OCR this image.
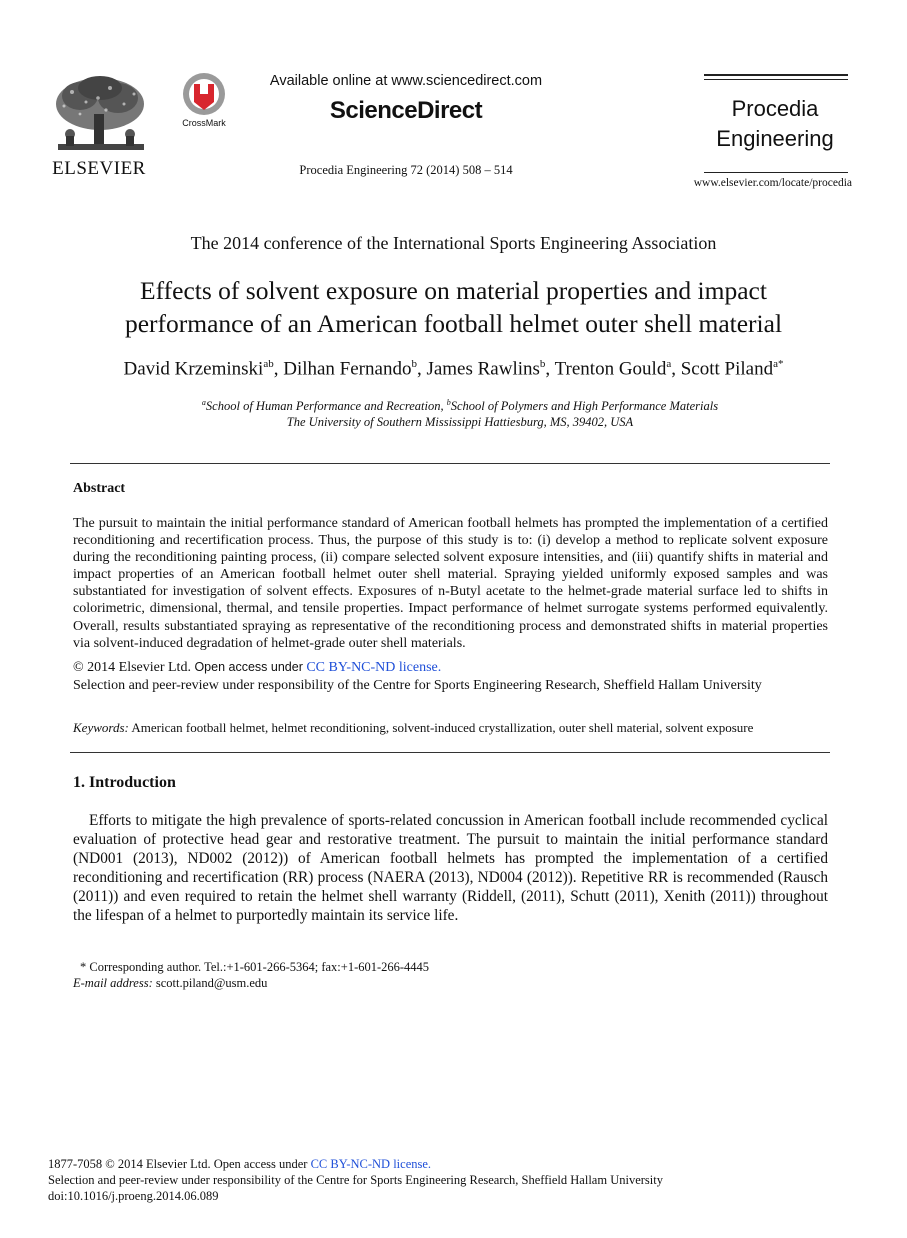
ELSEVIER
CrossMark
Available online at www.sciencedirect.com
ScienceDirect
Procedia Engineering 72 (2014) 508 – 514
Procedia
Engineering
www.elsevier.com/locate/procedia
The 2014 conference of the International Sports Engineering Association
Effects of solvent exposure on material properties and impact
performance of an American football helmet outer shell material
David Krzeminski$^{ab}$, Dilhan Fernando$^b$, James Rawlins$^b$, Trenton Gould$^a$, Scott Piland$^{a*}$
$^a$School of Human Performance and Recreation, $^b$School of Polymers and High Performance Materials
The University of Southern Mississippi Hattiesburg, MS, 39402, USA
Abstract
The pursuit to maintain the initial performance standard of American football helmets has prompted the implementation of a certified reconditioning and recertification process. Thus, the purpose of this study is to: (i) develop a method to replicate solvent exposure during the reconditioning painting process, (ii) compare selected solvent exposure intensities, and (iii) quantify shifts in material and impact properties of an American football helmet outer shell material. Spraying yielded uniformly exposed samples and was substantiated for investigation of solvent effects. Exposures of n-Butyl acetate to the helmet-grade material surface led to shifts in colorimetric, dimensional, thermal, and tensile properties. Impact performance of helmet surrogate systems performed equivalently. Overall, results substantiated spraying as representative of the reconditioning process and demonstrated shifts in material properties via solvent-induced degradation of helmet-grade outer shell materials.
© 2014 Elsevier Ltd. Open access under CC BY-NC-ND license.
Selection and peer-review under responsibility of the Centre for Sports Engineering Research, Sheffield Hallam University
Keywords: American football helmet, helmet reconditioning, solvent-induced crystallization, outer shell material, solvent exposure
1. Introduction
Efforts to mitigate the high prevalence of sports-related concussion in American football include recommended cyclical evaluation of protective head gear and restorative treatment. The pursuit to maintain the initial performance standard (ND001 (2013), ND002 (2012)) of American football helmets has prompted the implementation of a certified reconditioning and recertification (RR) process (NAERA (2013), ND004 (2012)). Repetitive RR is recommended (Rausch (2011)) and even required to retain the helmet shell warranty (Riddell, (2011), Schutt (2011), Xenith (2011)) throughout the lifespan of a helmet to purportedly maintain its service life.
* Corresponding author. Tel.:+1-601-266-5364; fax:+1-601-266-4445
E-mail address: scott.piland@usm.edu
1877-7058 © 2014 Elsevier Ltd. Open access under CC BY-NC-ND license.
Selection and peer-review under responsibility of the Centre for Sports Engineering Research, Sheffield Hallam University
doi:10.1016/j.proeng.2014.06.089
